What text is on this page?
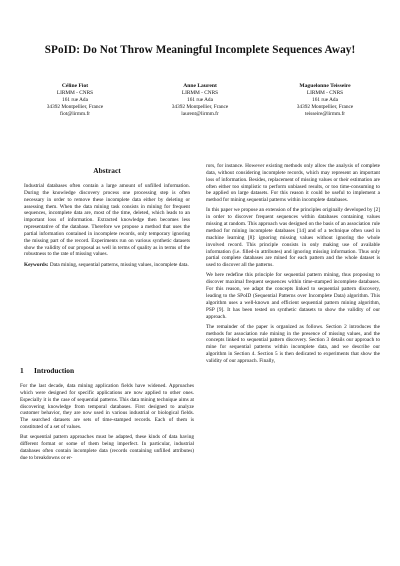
SPoID: Do Not Throw Meaningful Incomplete Sequences Away!
Céline Fiot
LIRMM - CNRS
161 rue Ada
34392 Montpellier, France
fiot@lirmm.fr
Anne Laurent
LIRMM - CNRS
161 rue Ada
34392 Montpellier, France
laurent@lirmm.fr
Maguelonne Teisseire
LIRMM - CNRS
161 rue Ada
34392 Montpellier, France
teisseire@lirmm.fr
Abstract

Industrial databases often contain a large amount of unfilled information. During the knowledge discovery process one processing step is often necessary in order to remove these incomplete data either by deleting or assessing them. When the data mining task consists in mining for frequent sequences, incomplete data are, most of the time, deleted, which leads to an important loss of information. Extracted knowledge then becomes less representative of the database. Therefore we propose a method that uses the partial information contained in incomplete records, only temporary ignoring the missing part of the record. Experiments run on various synthetic datasets show the validity of our proposal as well in terms of quality as in terms of the robustness to the rate of missing values.

Keywords: Data mining, sequential patterns, missing values, incomplete data.

1 Introduction

For the last decade, data mining application fields have widened. Approaches which were designed for specific applications are now applied to other ones. Especially it is the case of sequential patterns. This data mining technique aims at discovering knowledge from temporal databases. First designed to analyze customer behavior, they are now used in various industrial or biological fields. The searched datasets are sets of time-stamped records. Each of them is constituted of a set of values.

But sequential pattern approaches must be adapted, these kinds of data having different format or some of them being imperfect. In particular, industrial databases often contain incomplete data (records containing unfilled attributes) due to breakdowns or er-

rors, for instance. However existing methods only allow the analysis of complete data, without considering incomplete records, which may represent an important loss of information. Besides, replacement of missing values or their estimation are often either too simplistic to perform unbiased results, or too time-consuming to be applied on large datasets. For this reason it could be useful to implement a method for mining sequential patterns within incomplete databases.

In this paper we propose an extension of the principles originally developed by [2] in order to discover frequent sequences within databases containing values missing at random. This approach was designed on the basis of an association rule method for mining incomplete databases [14] and of a technique often used in machine learning [8]: ignoring missing values without ignoring the whole involved record. This principle consists in only making use of available information (i.e. filled-in attributes) and ignoring missing information. Thus only partial complete databases are mined for each pattern and the whole dataset is used to discover all the patterns.

We here redefine this principle for sequential pattern mining, thus proposing to discover maximal frequent sequences within time-stamped incomplete databases. For this reason, we adapt the concepts linked to sequential pattern discovery, leading to the SPoID (Sequential Patterns over Incomplete Data) algorithm. This algorithm uses a well-known and efficient sequential pattern mining algorithm, PSP [9]. It has been tested on synthetic datasets to show the validity of our approach.

The remainder of the paper is organized as follows. Section 2 introduces the methods for association rule mining in the presence of missing values, and the concepts linked to sequential pattern discovery. Section 3 details our approach to mine for sequential patterns within incomplete data, and we describe our algorithm in Section 4. Section 5 is then dedicated to experiments that show the validity of our approach. Finally,
